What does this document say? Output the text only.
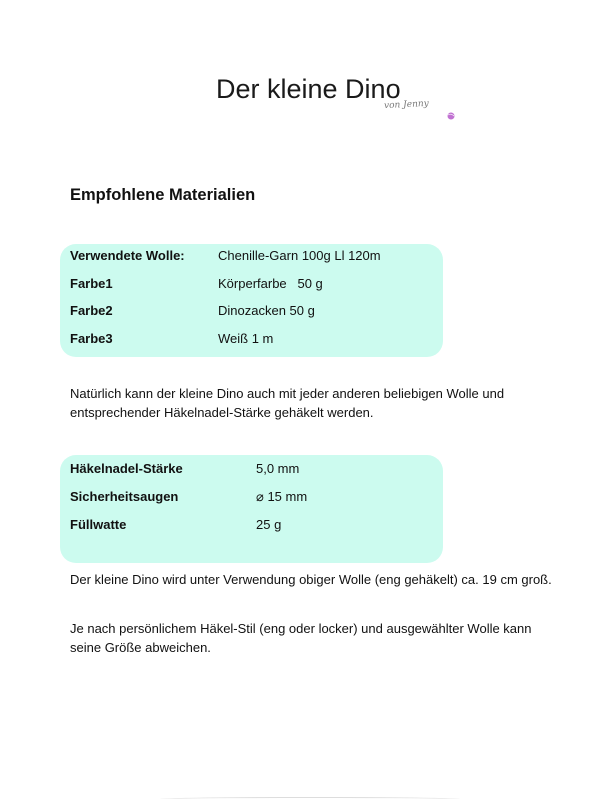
Der kleine Dino
von Jenny
Empfohlene Materialien
Verwendete Wolle:	Chenille-Garn 100g Ll 120m
Farbe1	Körperfarbe   50 g
Farbe2	Dinozacken 50 g
Farbe3	Weiß 1 m
Natürlich kann der kleine Dino auch mit jeder anderen beliebigen Wolle und entsprechender Häkelnadel-Stärke gehäkelt werden.
Häkelnadel-Stärke	5,0 mm
Sicherheitsaugen	⌀ 15 mm
Füllwatte	25 g
Der kleine Dino wird unter Verwendung obiger Wolle (eng gehäkelt) ca. 19 cm groß.
Je nach persönlichem Häkel-Stil (eng oder locker) und ausgewählter Wolle kann seine Größe abweichen.
